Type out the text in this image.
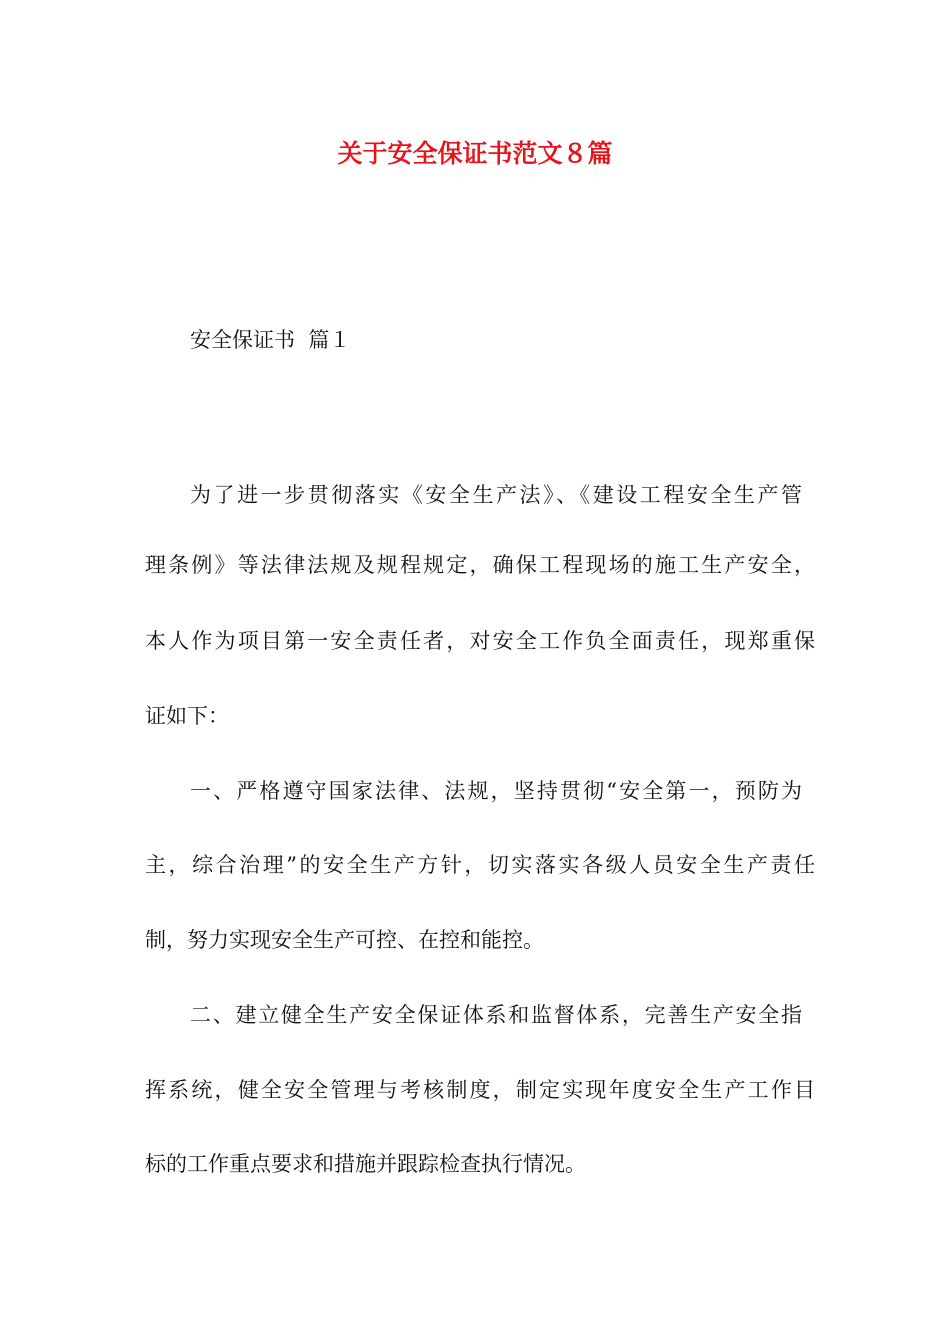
关于安全保证书范文８篇
安全保证书  篇１
为了进一步贯彻落实《安全生产法》、《建设工程安全生产管
理条例》等法律法规及规程规定，确保工程现场的施工生产安全，
本人作为项目第一安全责任者，对安全工作负全面责任，现郑重保
证如下：
一、严格遵守国家法律、法规，坚持贯彻“安全第一，预防为
主，综合治理”的安全生产方针，切实落实各级人员安全生产责任
制，努力实现安全生产可控、在控和能控。
二、建立健全生产安全保证体系和监督体系，完善生产安全指
挥系统，健全安全管理与考核制度，制定实现年度安全生产工作目
标的工作重点要求和措施并跟踪检查执行情况。
